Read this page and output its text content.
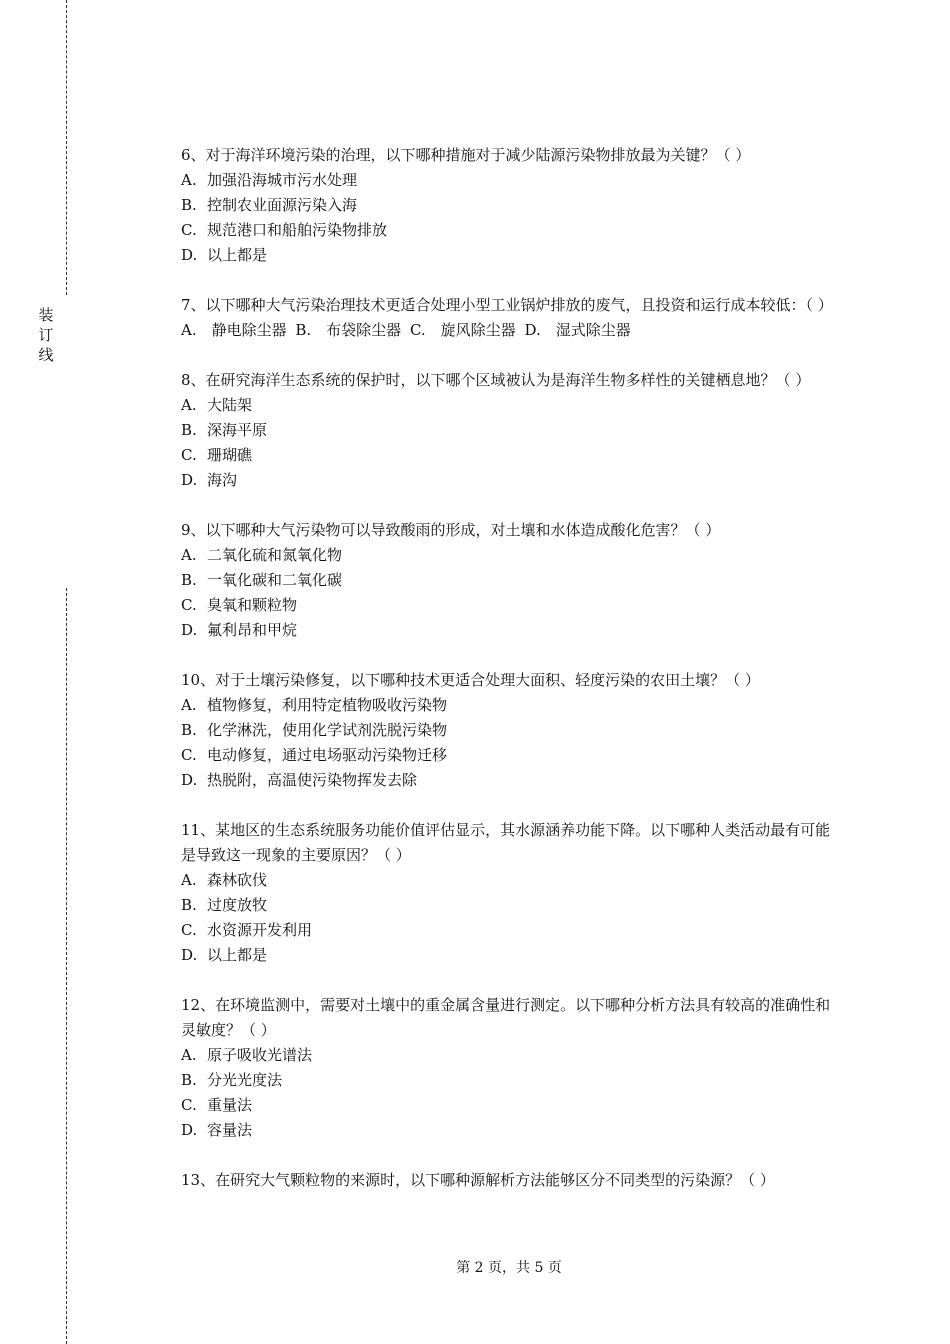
装
订
线

6、对于海洋环境污染的治理，以下哪种措施对于减少陆源污染物排放最为关键？（ ）

A. 加强沿海城市污水处理

B. 控制农业面源污染入海

C. 规范港口和船舶污染物排放

D. 以上都是

7、以下哪种大气污染治理技术更适合处理小型工业锅炉排放的废气，且投资和运行成本较低：（ ）

A.　静电除尘器 B.　布袋除尘器 C.　旋风除尘器 D.　湿式除尘器

8、在研究海洋生态系统的保护时，以下哪个区域被认为是海洋生物多样性的关键栖息地？（ ）

A. 大陆架

B. 深海平原

C. 珊瑚礁

D. 海沟

9、以下哪种大气污染物可以导致酸雨的形成，对土壤和水体造成酸化危害？（ ）

A. 二氧化硫和氮氧化物

B. 一氧化碳和二氧化碳

C. 臭氧和颗粒物

D. 氟利昂和甲烷

10、对于土壤污染修复，以下哪种技术更适合处理大面积、轻度污染的农田土壤？（ ）

A. 植物修复，利用特定植物吸收污染物

B. 化学淋洗，使用化学试剂洗脱污染物

C. 电动修复，通过电场驱动污染物迁移

D. 热脱附，高温使污染物挥发去除

11、某地区的生态系统服务功能价值评估显示，其水源涵养功能下降。以下哪种人类活动最有可能是导致这一现象的主要原因？（ ）

A. 森林砍伐

B. 过度放牧

C. 水资源开发利用

D. 以上都是

12、在环境监测中，需要对土壤中的重金属含量进行测定。以下哪种分析方法具有较高的准确性和灵敏度？（ ）

A. 原子吸收光谱法

B. 分光光度法

C. 重量法

D. 容量法

13、在研究大气颗粒物的来源时，以下哪种源解析方法能够区分不同类型的污染源？（ ）

第 2 页，共 5 页
